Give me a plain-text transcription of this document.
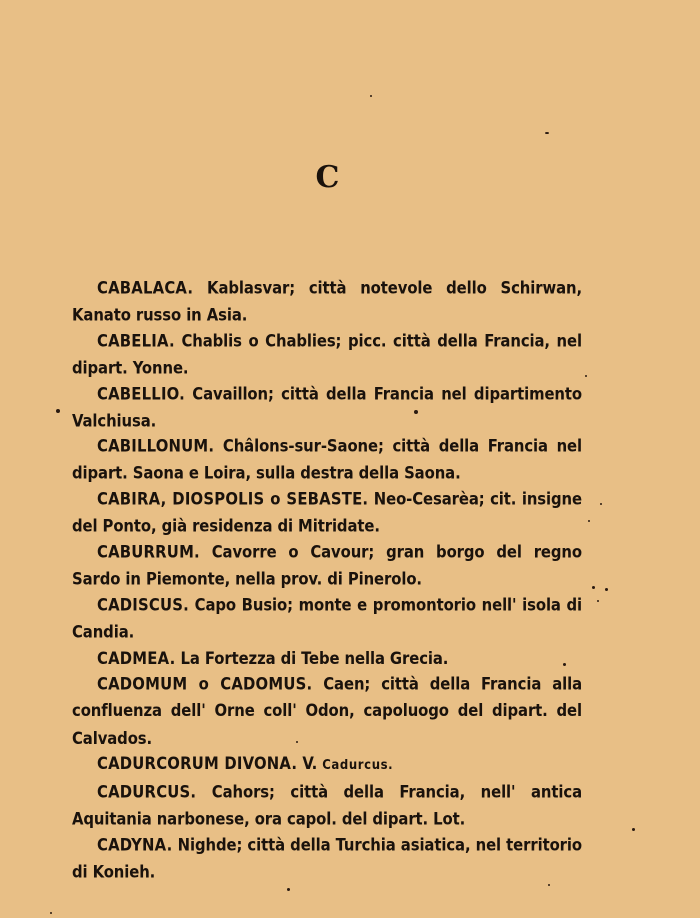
C

CABALACA. Kablasvar; città notevole dello Schirwan, Kanato russo in Asia.

CABELIA. Chablis o Chablies; picc. città della Francia, nel dipart. Yonne.

CABELLIO. Cavaillon; città della Francia nel dipartimento Valchiusa.

CABILLONUM. Châlons-sur-Saone; città della Francia nel dipart. Saona e Loira, sulla destra della Saona.

CABIRA, DIOSPOLIS o SEBASTE. Neo-Cesarèa; cit. insigne del Ponto, già residenza di Mitridate.

CABURRUM. Cavorre o Cavour; gran borgo del regno Sardo in Piemonte, nella prov. di Pinerolo.

CADISCUS. Capo Busio; monte e promontorio nell' isola di Candia.

CADMEA. La Fortezza di Tebe nella Grecia.

CADOMUM o CADOMUS. Caen; città della Francia alla confluenza dell' Orne coll' Odon, capoluogo del dipart. del Calvados.

CADURCORUM DIVONA. V. Cadurcus.

CADURCUS. Cahors; città della Francia, nell' antica Aquitania narbonese, ora capol. del dipart. Lot.

CADYNA. Nighde; città della Turchia asiatica, nel territorio di Konieh.
